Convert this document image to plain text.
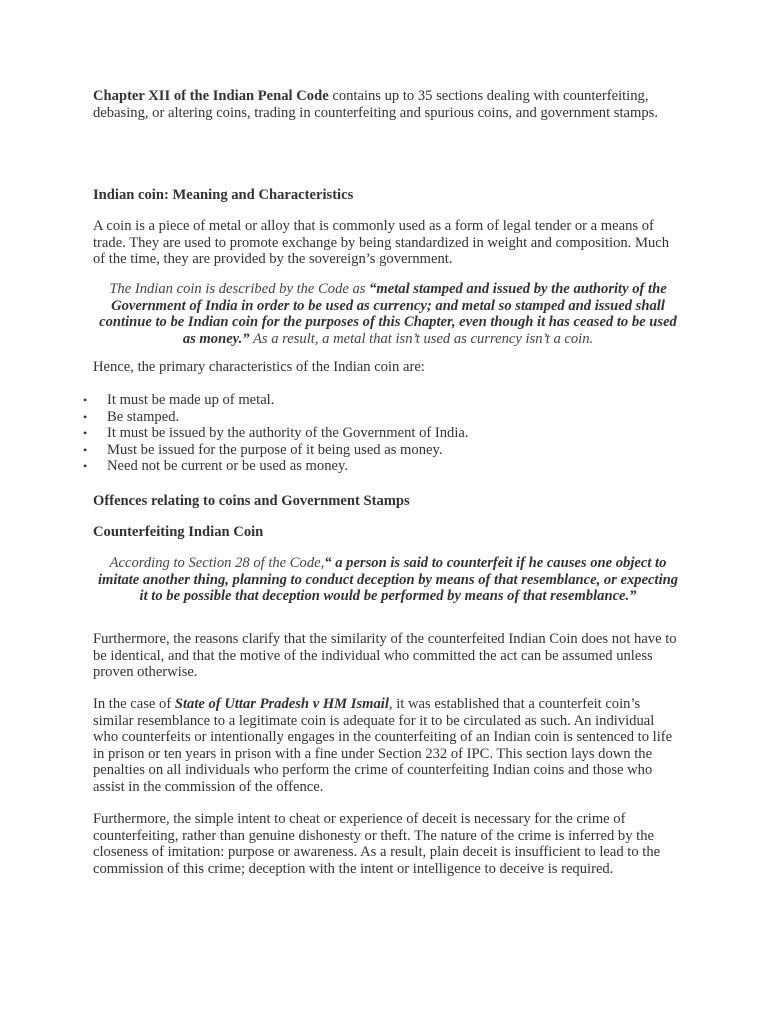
Chapter XII of the Indian Penal Code contains up to 35 sections dealing with counterfeiting, debasing, or altering coins, trading in counterfeiting and spurious coins, and government stamps.

Indian coin: Meaning and Characteristics

A coin is a piece of metal or alloy that is commonly used as a form of legal tender or a means of trade. They are used to promote exchange by being standardized in weight and composition. Much of the time, they are provided by the sovereign’s government.

The Indian coin is described by the Code as “metal stamped and issued by the authority of the Government of India in order to be used as currency; and metal so stamped and issued shall continue to be Indian coin for the purposes of this Chapter, even though it has ceased to be used as money.” As a result, a metal that isn’t used as currency isn’t a coin.

Hence, the primary characteristics of the Indian coin are:

• It must be made up of metal.
• Be stamped.
• It must be issued by the authority of the Government of India.
• Must be issued for the purpose of it being used as money.
• Need not be current or be used as money.

Offences relating to coins and Government Stamps

Counterfeiting Indian Coin

According to Section 28 of the Code,“ a person is said to counterfeit if he causes one object to imitate another thing, planning to conduct deception by means of that resemblance, or expecting it to be possible that deception would be performed by means of that resemblance.”

Furthermore, the reasons clarify that the similarity of the counterfeited Indian Coin does not have to be identical, and that the motive of the individual who committed the act can be assumed unless proven otherwise.

In the case of State of Uttar Pradesh v HM Ismail, it was established that a counterfeit coin’s similar resemblance to a legitimate coin is adequate for it to be circulated as such. An individual who counterfeits or intentionally engages in the counterfeiting of an Indian coin is sentenced to life in prison or ten years in prison with a fine under Section 232 of IPC. This section lays down the penalties on all individuals who perform the crime of counterfeiting Indian coins and those who assist in the commission of the offence.

Furthermore, the simple intent to cheat or experience of deceit is necessary for the crime of counterfeiting, rather than genuine dishonesty or theft. The nature of the crime is inferred by the closeness of imitation: purpose or awareness. As a result, plain deceit is insufficient to lead to the commission of this crime; deception with the intent or intelligence to deceive is required.
